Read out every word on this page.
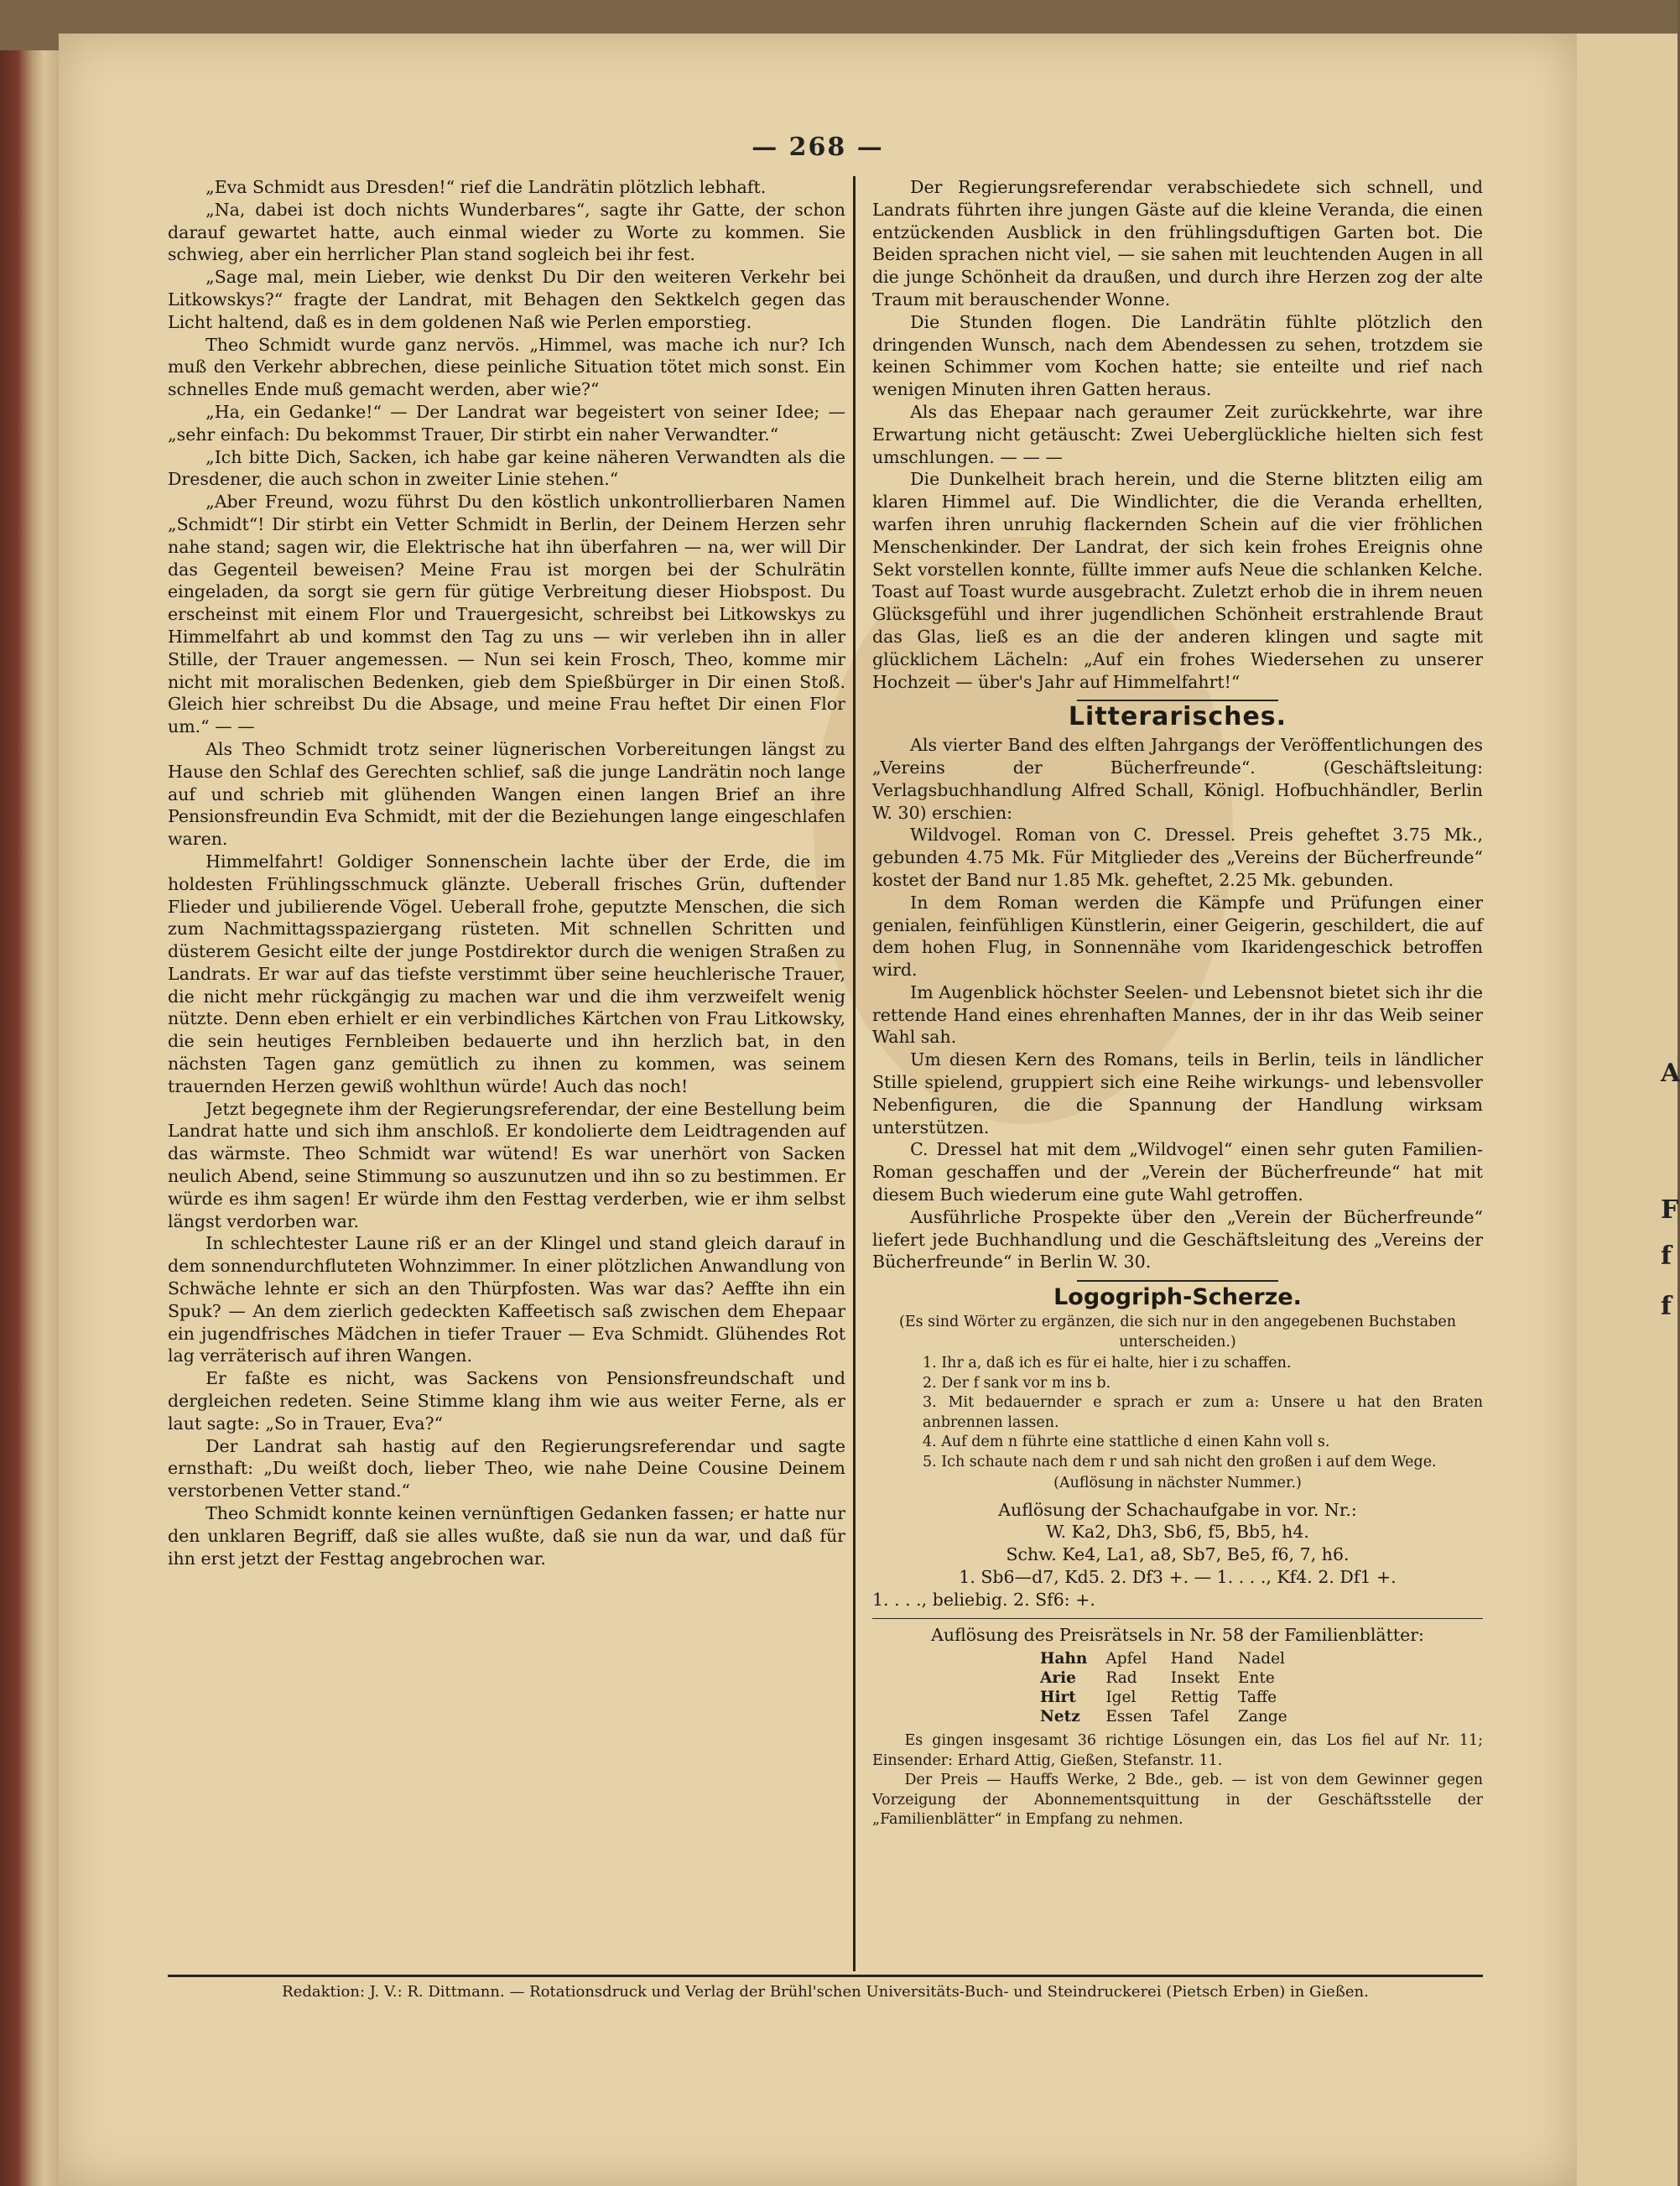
A
F
f
f
— 268 —

„Eva Schmidt aus Dresden!“ rief die Landrätin plötzlich lebhaft.

„Na, dabei ist doch nichts Wunderbares“, sagte ihr Gatte, der schon darauf gewartet hatte, auch einmal wieder zu Worte zu kommen. Sie schwieg, aber ein herrlicher Plan stand sogleich bei ihr fest.

„Sage mal, mein Lieber, wie denkst Du Dir den weiteren Verkehr bei Litkowskys?“ fragte der Landrat, mit Behagen den Sektkelch gegen das Licht haltend, daß es in dem goldenen Naß wie Perlen emporstieg.

Theo Schmidt wurde ganz nervös. „Himmel, was mache ich nur? Ich muß den Verkehr abbrechen, diese peinliche Situation tötet mich sonst. Ein schnelles Ende muß gemacht werden, aber wie?“

„Ha, ein Gedanke!“ — Der Landrat war begeistert von seiner Idee; — „sehr einfach: Du bekommst Trauer, Dir stirbt ein naher Verwandter.“

„Ich bitte Dich, Sacken, ich habe gar keine näheren Verwandten als die Dresdener, die auch schon in zweiter Linie stehen.“

„Aber Freund, wozu führst Du den köstlich unkontrollierbaren Namen „Schmidt“! Dir stirbt ein Vetter Schmidt in Berlin, der Deinem Herzen sehr nahe stand; sagen wir, die Elektrische hat ihn überfahren — na, wer will Dir das Gegenteil beweisen? Meine Frau ist morgen bei der Schulrätin eingeladen, da sorgt sie gern für gütige Verbreitung dieser Hiobspost. Du erscheinst mit einem Flor und Trauergesicht, schreibst bei Litkowskys zu Himmelfahrt ab und kommst den Tag zu uns — wir verleben ihn in aller Stille, der Trauer angemessen. — Nun sei kein Frosch, Theo, komme mir nicht mit moralischen Bedenken, gieb dem Spießbürger in Dir einen Stoß. Gleich hier schreibst Du die Absage, und meine Frau heftet Dir einen Flor um.“ — —

Als Theo Schmidt trotz seiner lügnerischen Vorbereitungen längst zu Hause den Schlaf des Gerechten schlief, saß die junge Landrätin noch lange auf und schrieb mit glühenden Wangen einen langen Brief an ihre Pensionsfreundin Eva Schmidt, mit der die Beziehungen lange eingeschlafen waren.

Himmelfahrt! Goldiger Sonnenschein lachte über der Erde, die im holdesten Frühlingsschmuck glänzte. Ueberall frisches Grün, duftender Flieder und jubilierende Vögel. Ueberall frohe, geputzte Menschen, die sich zum Nachmittagsspaziergang rüsteten. Mit schnellen Schritten und düsterem Gesicht eilte der junge Postdirektor durch die wenigen Straßen zu Landrats. Er war auf das tiefste verstimmt über seine heuchlerische Trauer, die nicht mehr rückgängig zu machen war und die ihm verzweifelt wenig nützte. Denn eben erhielt er ein verbindliches Kärtchen von Frau Litkowsky, die sein heutiges Fernbleiben bedauerte und ihn herzlich bat, in den nächsten Tagen ganz gemütlich zu ihnen zu kommen, was seinem trauernden Herzen gewiß wohlthun würde! Auch das noch!

Jetzt begegnete ihm der Regierungsreferendar, der eine Bestellung beim Landrat hatte und sich ihm anschloß. Er kondolierte dem Leidtragenden auf das wärmste. Theo Schmidt war wütend! Es war unerhört von Sacken neulich Abend, seine Stimmung so auszunutzen und ihn so zu bestimmen. Er würde es ihm sagen! Er würde ihm den Festtag verderben, wie er ihm selbst längst verdorben war.

In schlechtester Laune riß er an der Klingel und stand gleich darauf in dem sonnendurchfluteten Wohnzimmer. In einer plötzlichen Anwandlung von Schwäche lehnte er sich an den Thürpfosten. Was war das? Aeffte ihn ein Spuk? — An dem zierlich gedeckten Kaffeetisch saß zwischen dem Ehepaar ein jugendfrisches Mädchen in tiefer Trauer — Eva Schmidt. Glühendes Rot lag verräterisch auf ihren Wangen.

Er faßte es nicht, was Sackens von Pensionsfreundschaft und dergleichen redeten. Seine Stimme klang ihm wie aus weiter Ferne, als er laut sagte: „So in Trauer, Eva?“

Der Landrat sah hastig auf den Regierungsreferendar und sagte ernsthaft: „Du weißt doch, lieber Theo, wie nahe Deine Cousine Deinem verstorbenen Vetter stand.“

Theo Schmidt konnte keinen vernünftigen Gedanken fassen; er hatte nur den unklaren Begriff, daß sie alles wußte, daß sie nun da war, und daß für ihn erst jetzt der Festtag angebrochen war.

Der Regierungsreferendar verabschiedete sich schnell, und Landrats führten ihre jungen Gäste auf die kleine Veranda, die einen entzückenden Ausblick in den frühlingsduftigen Garten bot. Die Beiden sprachen nicht viel, — sie sahen mit leuchtenden Augen in all die junge Schönheit da draußen, und durch ihre Herzen zog der alte Traum mit berauschender Wonne.

Die Stunden flogen. Die Landrätin fühlte plötzlich den dringenden Wunsch, nach dem Abendessen zu sehen, trotzdem sie keinen Schimmer vom Kochen hatte; sie enteilte und rief nach wenigen Minuten ihren Gatten heraus.

Als das Ehepaar nach geraumer Zeit zurückkehrte, war ihre Erwartung nicht getäuscht: Zwei Ueberglückliche hielten sich fest umschlungen. — — —

Die Dunkelheit brach herein, und die Sterne blitzten eilig am klaren Himmel auf. Die Windlichter, die die Veranda erhellten, warfen ihren unruhig flackernden Schein auf die vier fröhlichen Menschenkinder. Der Landrat, der sich kein frohes Ereignis ohne Sekt vorstellen konnte, füllte immer aufs Neue die schlanken Kelche. Toast auf Toast wurde ausgebracht. Zuletzt erhob die in ihrem neuen Glücksgefühl und ihrer jugendlichen Schönheit erstrahlende Braut das Glas, ließ es an die der anderen klingen und sagte mit glücklichem Lächeln: „Auf ein frohes Wiedersehen zu unserer Hochzeit — über's Jahr auf Himmelfahrt!“

Litterarisches.

Als vierter Band des elften Jahrgangs der Veröffentlichungen des „Vereins der Bücherfreunde“. (Geschäftsleitung: Verlagsbuchhandlung Alfred Schall, Königl. Hofbuchhändler, Berlin W. 30) erschien:

Wildvogel. Roman von C. Dressel. Preis geheftet 3.75 Mk., gebunden 4.75 Mk. Für Mitglieder des „Vereins der Bücherfreunde“ kostet der Band nur 1.85 Mk. geheftet, 2.25 Mk. gebunden.

In dem Roman werden die Kämpfe und Prüfungen einer genialen, feinfühligen Künstlerin, einer Geigerin, geschildert, die auf dem hohen Flug, in Sonnennähe vom Ikaridengeschick betroffen wird.

Im Augenblick höchster Seelen- und Lebensnot bietet sich ihr die rettende Hand eines ehrenhaften Mannes, der in ihr das Weib seiner Wahl sah.

Um diesen Kern des Romans, teils in Berlin, teils in ländlicher Stille spielend, gruppiert sich eine Reihe wirkungs- und lebensvoller Nebenfiguren, die die Spannung der Handlung wirksam unterstützen.

C. Dressel hat mit dem „Wildvogel“ einen sehr guten Familien-Roman geschaffen und der „Verein der Bücherfreunde“ hat mit diesem Buch wiederum eine gute Wahl getroffen.

Ausführliche Prospekte über den „Verein der Bücherfreunde“ liefert jede Buchhandlung und die Geschäftsleitung des „Vereins der Bücherfreunde“ in Berlin W. 30.

Logogriph-Scherze.
(Es sind Wörter zu ergänzen, die sich nur in den angegebenen Buchstaben unterscheiden.)
1. Ihr a, daß ich es für ei halte, hier i zu schaffen.
2. Der f sank vor m ins b.
3. Mit bedauernder e sprach er zum a: Unsere u hat den Braten anbrennen lassen.
4. Auf dem n führte eine stattliche d einen Kahn voll s.
5. Ich schaute nach dem r und sah nicht den großen i auf dem Wege.
(Auflösung in nächster Nummer.)
Auflösung der Schachaufgabe in vor. Nr.:
W. Ka2, Dh3, Sb6, f5, Bb5, h4.
Schw. Ke4, La1, a8, Sb7, Be5, f6, 7, h6.
1. Sb6—d7, Kd5. 2. Df3 +. — 1. . . ., Kf4. 2. Df1 +.
1. . . ., beliebig. 2. Sf6: +.
Auflösung des Preisrätsels in Nr. 58 der Familienblätter:
Hahn	Apfel	Hand	Nadel
Arie	Rad	Insekt	Ente
Hirt	Igel	Rettig	Taffe
Netz	Essen	Tafel	Zange

Es gingen insgesamt 36 richtige Lösungen ein, das Los fiel auf Nr. 11; Einsender: Erhard Attig, Gießen, Stefanstr. 11.

Der Preis — Hauffs Werke, 2 Bde., geb. — ist von dem Gewinner gegen Vorzeigung der Abonnementsquittung in der Geschäftsstelle der „Familienblätter“ in Empfang zu nehmen.

Redaktion: J. V.: R. Dittmann. — Rotationsdruck und Verlag der Brühl'schen Universitäts-Buch- und Steindruckerei (Pietsch Erben) in Gießen.
